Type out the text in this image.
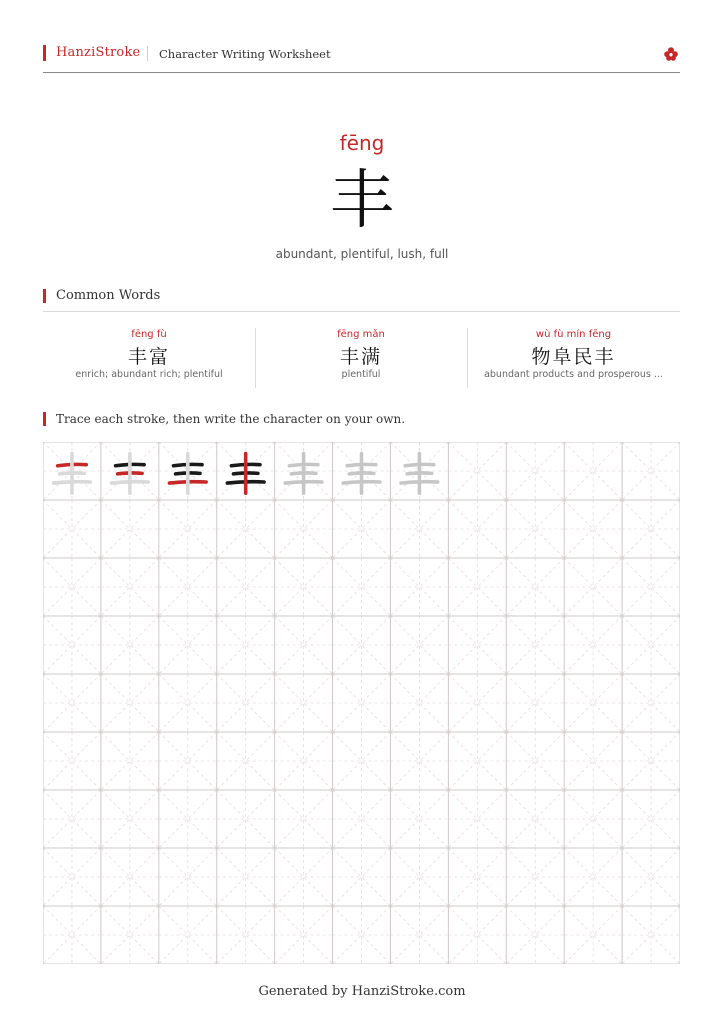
HanziStroke Character Writing Worksheet
fēng
丰
abundant, plentiful, lush, full
Common Words
fēng fù
丰富
enrich; abundant rich; plentiful
fēng mǎn
丰满
plentiful
wù fù mín fēng
物阜民丰
abundant products and prosperous ...
Trace each stroke, then write the character on your own.
Generated by HanziStroke.com
